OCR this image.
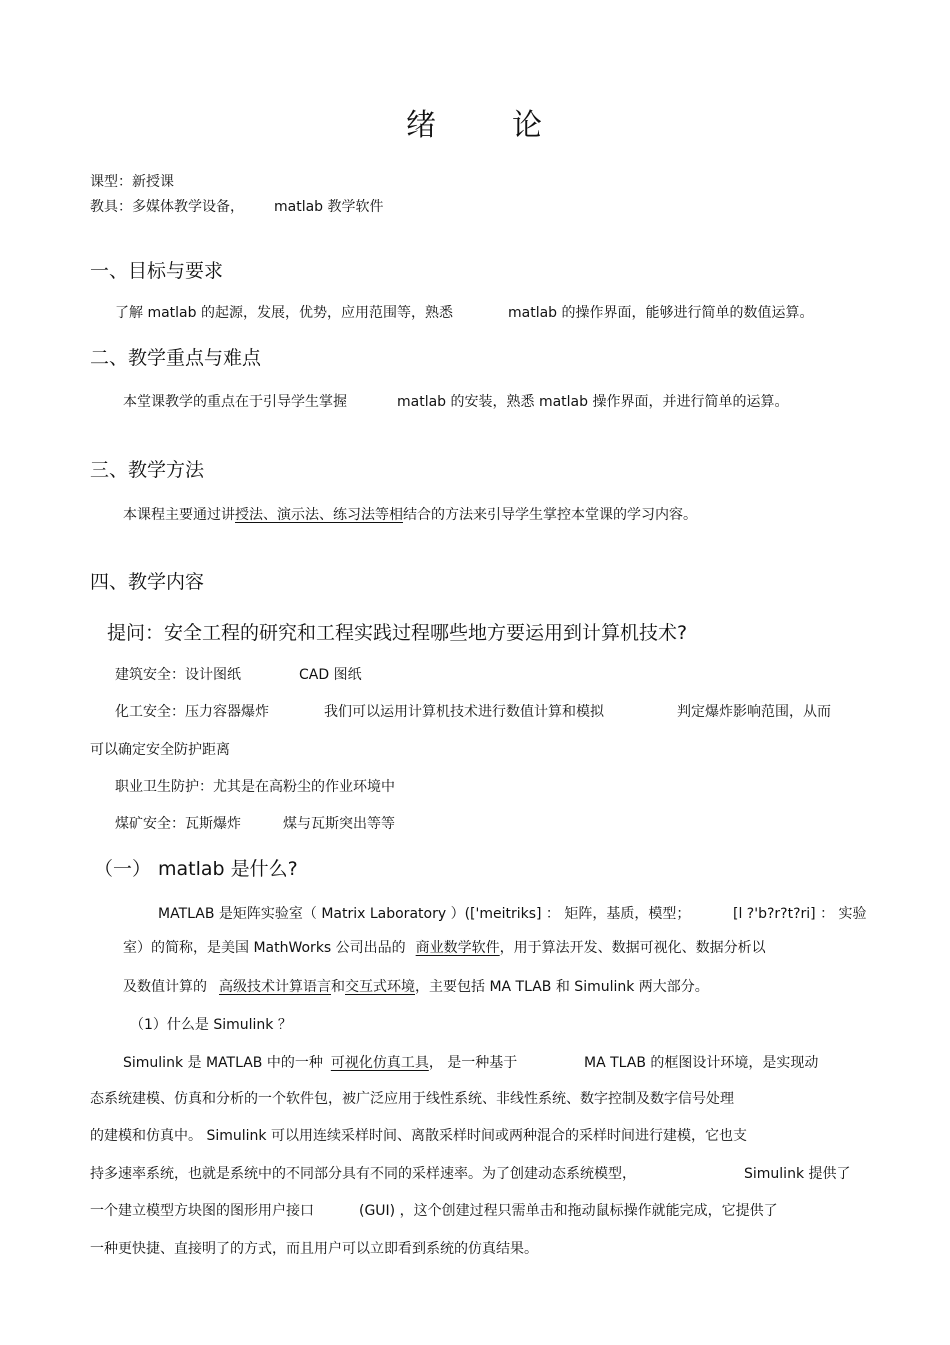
绪	论
课型：新授课
教具：多媒体教学设备， matlab 教学软件
一、目标与要求
了解 matlab 的起源，发展，优势，应用范围等，熟悉	matlab 的操作界面，能够进行简单的数值运算。
二、教学重点与难点
本堂课教学的重点在于引导学生掌握	matlab 的安装，熟悉 matlab 操作界面，并进行简单的运算。
三、教学方法
本课程主要通过讲授法、演示法、练习法等相结合的方法来引导学生掌控本堂课的学习内容。
四、教学内容
提问：安全工程的研究和工程实践过程哪些地方要运用到计算机技术?
建筑安全：设计图纸	CAD 图纸
化工安全：压力容器爆炸	我们可以运用计算机技术进行数值计算和模拟	判定爆炸影响范围，从而
可以确定安全防护距离
职业卫生防护：尤其是在高粉尘的作业环境中
煤矿安全：瓦斯爆炸	煤与瓦斯突出等等
（一） matlab 是什么?
MATLAB 是矩阵实验室（ Matrix Laboratory ）(['meitriks] ： 矩阵，基质，模型；	[l ?'b?r?t?ri] ： 实验
室）的简称，是美国 MathWorks 公司出品的 商业数学软件，用于算法开发、数据可视化、数据分析以
及数值计算的 高级技术计算语言和交互式环境，主要包括 MA TLAB 和 Simulink 两大部分。
（1）什么是 Simulink ？
Simulink 是 MATLAB 中的一种 可视化仿真工具， 是一种基于	MA TLAB 的框图设计环境，是实现动
态系统建模、仿真和分析的一个软件包，被广泛应用于线性系统、非线性系统、数字控制及数字信号处理
的建模和仿真中。 Simulink 可以用连续采样时间、离散采样时间或两种混合的采样时间进行建模，它也支
持多速率系统，也就是系统中的不同部分具有不同的采样速率。为了创建动态系统模型，	Simulink 提供了
一个建立模型方块图的图形用户接口	(GUI) ，这个创建过程只需单击和拖动鼠标操作就能完成，它提供了
一种更快捷、直接明了的方式，而且用户可以立即看到系统的仿真结果。
